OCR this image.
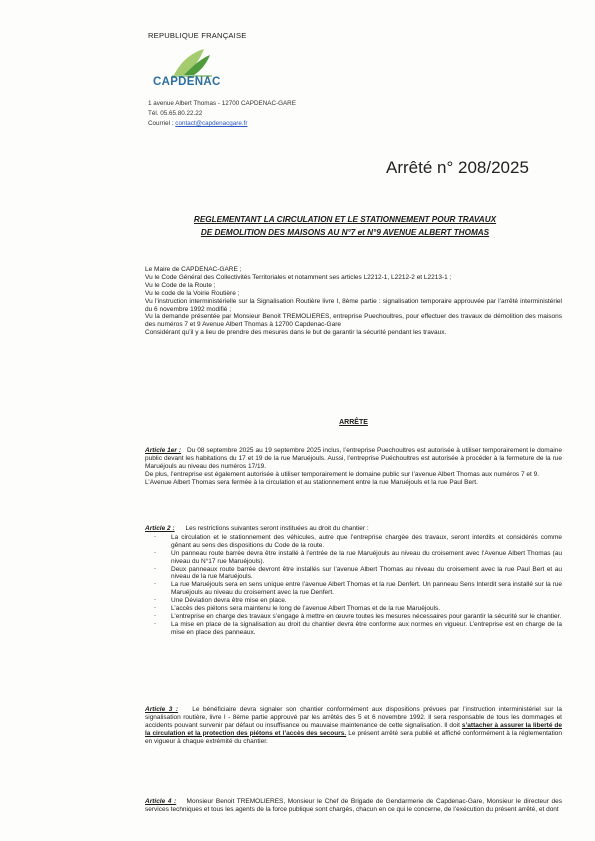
REPUBLIQUE FRANÇAISE
CAPDENAC
1 avenue Albert Thomas - 12700 CAPDENAC-GARE
Tél. 05.65.80.22.22
Courriel : contact@capdenacgare.fr
Arrêté n° 208/2025
REGLEMENTANT LA CIRCULATION ET LE STATIONNEMENT POUR TRAVAUX
DE DEMOLITION DES MAISONS AU N°7 et N°9 AVENUE ALBERT THOMAS

Le Maire de CAPDENAC-GARE ;

Vu le Code Général des Collectivités Territoriales et notamment ses articles L2212-1, L2212-2 et L2213-1 ;

Vu le Code de la Route ;

Vu le code de la Voirie Routière ;

Vu l’instruction interministérielle sur la Signalisation Routière livre I, 8ème partie : signalisation temporaire approuvée par l’arrêté interministériel du 6 novembre 1992 modifié ;

Vu la demande présentée par Monsieur Benoit TREMOLIERES, entreprise Puechoultres, pour effectuer des travaux de démolition des maisons des numéros 7 et 9 Avenue Albert Thomas à 12700 Capdenac-Gare

Considérant qu’il y a lieu de prendre des mesures dans le but de garantir la sécurité pendant les travaux.

ARRÊTE

Article 1er : Du 08 septembre 2025 au 19 septembre 2025 inclus, l’entreprise Puechoultres est autorisée à utiliser temporairement le domaine public devant les habitations du 17 et 19 de la rue Maruéjouls. Aussi, l’entreprise Puéchoultres est autorisée à procéder à la fermeture de la rue Maruéjouls au niveau des numéros 17/19.

De plus, l’entreprise est également autorisée à utiliser temporairement le domaine public sur l’avenue Albert Thomas aux numéros 7 et 9.

L’Avenue Albert Thomas sera fermée à la circulation et au stationnement entre la rue Maruéjouls et la rue Paul Bert.

Article 2 : Les restrictions suivantes seront instituées au droit du chantier :

- La circulation et le stationnement des véhicules, autre que l’entreprise chargée des travaux, seront interdits et considérés comme gênant au sens des dispositions du Code de la route.
- Un panneau route barrée devra être installé à l’entrée de la rue Maruéjouls au niveau du croisement avec l’Avenue Albert Thomas (au niveau du N°17 rue Maruéjouls).
- Deux panneaux route barrée devront être installés sur l’avenue Albert Thomas au niveau du croisement avec la rue Paul Bert et au niveau de la rue Maruéjouls.
- La rue Maruéjouls sera en sens unique entre l’avenue Albert Thomas et la rue Denfert. Un panneau Sens Interdit sera installé sur la rue Maruéjouls au niveau du croisement avec la rue Denfert.
- Une Déviation devra être mise en place.
- L’accès des piétons sera maintenu le long de l’avenue Albert Thomas et de la rue Maruéjouls.
- L’entreprise en charge des travaux s’engage à mettre en œuvre toutes les mesures nécessaires pour garantir la sécurité sur le chantier.
- La mise en place de la signalisation au droit du chantier devra être conforme aux normes en vigueur. L’entreprise est en charge de la mise en place des panneaux.

Article 3 : Le bénéficiaire devra signaler son chantier conformément aux dispositions prévues par l’instruction interministériel sur la signalisation routière, livre I - 8ème partie approuvé par les arrêtés des 5 et 6 novembre 1992. Il sera responsable de tous les dommages et accidents pouvant survenir par défaut ou insuffisance ou mauvaise maintenance de cette signalisation. Il doit s’attacher à assurer la liberté de la circulation et la protection des piétons et l’accès des secours. Le présent arrêté sera publié et affiché conformément à la réglementation en vigueur à chaque extrémité du chantier.

Article 4 : Monsieur Benoit TREMOLIERES, Monsieur le Chef de Brigade de Gendarmerie de Capdenac-Gare, Monsieur le directeur des services techniques et tous les agents de la force publique sont chargés, chacun en ce qui le concerne, de l’exécution du présent arrêté, et dont
